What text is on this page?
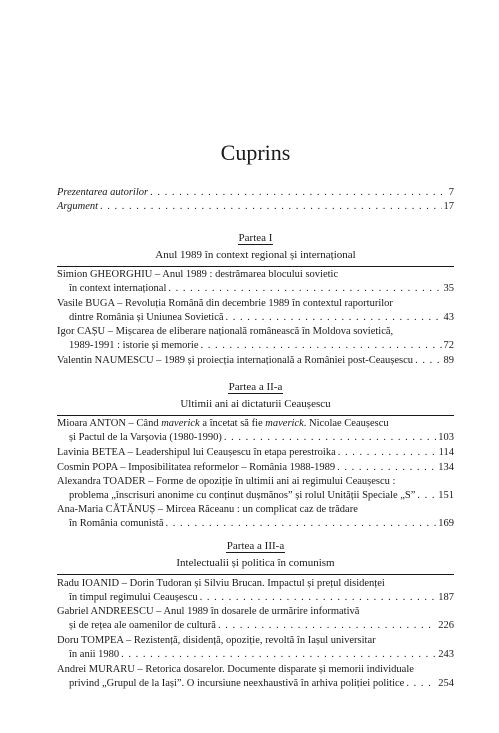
Cuprins
Prezentarea autorilor . . .	7
Argument . . .	17
Partea I
Anul 1989 în context regional și internațional
Simion GHEORGHIU – Anul 1989 : destrămarea blocului sovietic
în context internațional . . .	35
Vasile BUGA – Revoluția Română din decembrie 1989 în contextul raporturilor
dintre România și Uniunea Sovietică . . .	43
Igor CAȘU – Mișcarea de eliberare națională românească în Moldova sovietică,
1989-1991 : istorie și memorie . . .	72
Valentin NAUMESCU – 1989 și proiecția internațională a României post-Ceaușescu . . .	89
Partea a II-a
Ultimii ani ai dictaturii Ceaușescu
Mioara ANTON – Când maverick a încetat să fie maverick. Nicolae Ceaușescu
și Pactul de la Varșovia (1980-1990) . . .	103
Lavinia BETEA – Leadershipul lui Ceaușescu în etapa perestroika . . .	114
Cosmin POPA – Imposibilitatea reformelor – România 1988-1989 . . .	134
Alexandra TOADER – Forme de opoziție în ultimii ani ai regimului Ceaușescu :
problema „înscrisuri anonime cu conținut dușmănos” și rolul Unității Speciale „S” . . . 151
Ana-Maria CĂTĂNUȘ – Mircea Răceanu : un complicat caz de trădare
în România comunistă . . .	169
Partea a III-a
Intelectualii și politica în comunism
Radu IOANID – Dorin Tudoran și Silviu Brucan. Impactul și prețul disidenței
în timpul regimului Ceaușescu . . .	187
Gabriel ANDREESCU – Anul 1989 în dosarele de urmărire informativă
și de rețea ale oamenilor de cultură . . .	226
Doru TOMPEA – Rezistență, disidență, opoziție, revoltă în Iașul universitar
în anii 1980 . . .	243
Andrei MURARU – Retorica dosarelor. Documente disparate și memorii individuale
privind „Grupul de la Iași”. O incursiune neexhaustivă în arhiva poliției politice . . .	254
